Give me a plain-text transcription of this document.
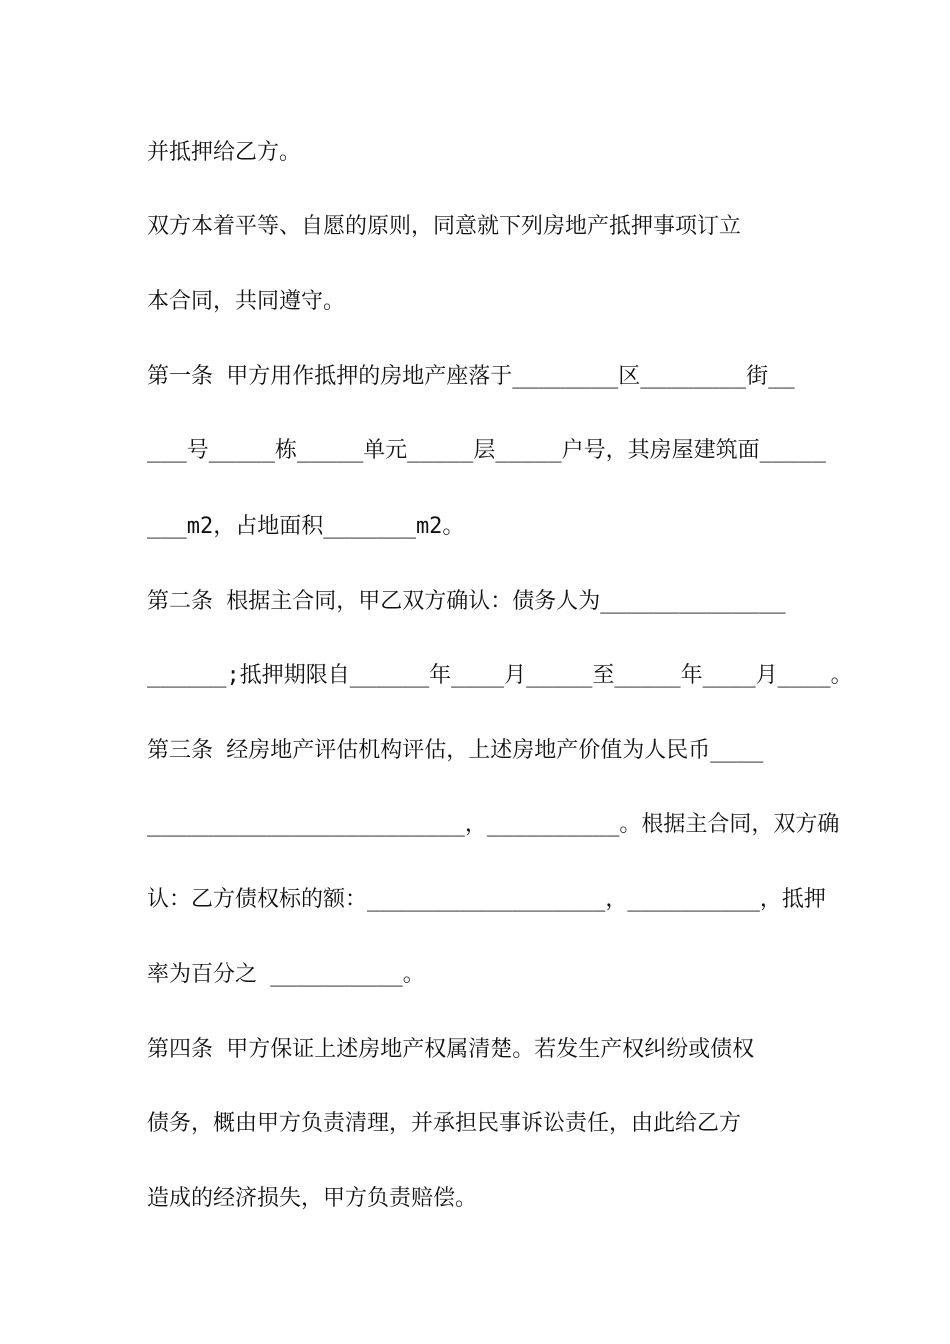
并抵押给乙方。
双方本着平等、自愿的原则，同意就下列房地产抵押事项订立
本合同，共同遵守。
第一条 甲方用作抵押的房地产座落于________区________街__
___号_____栋_____单元_____层_____户号，其房屋建筑面_____
___m2，占地面积_______m2。
第二条 根据主合同，甲乙双方确认：债务人为______________
______;抵押期限自______年____月_____至_____年____月____。
第三条 经房地产评估机构评估，上述房地产价值为人民币____
________________________，__________。根据主合同，双方确
认：乙方债权标的额：__________________，__________，抵押
率为百分之 __________。
第四条 甲方保证上述房地产权属清楚。若发生产权纠纷或债权
债务，概由甲方负责清理，并承担民事诉讼责任，由此给乙方
造成的经济损失，甲方负责赔偿。
